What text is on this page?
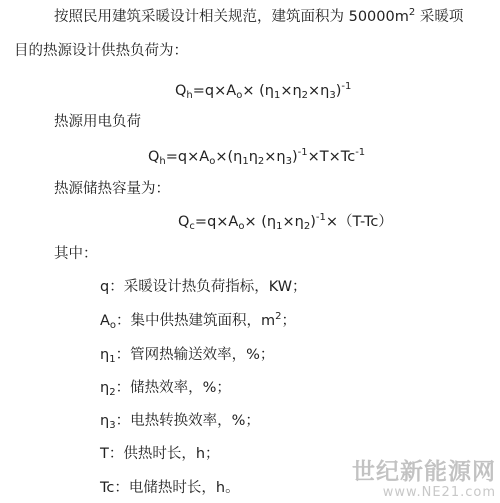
按照民用建筑采暖设计相关规范，建筑面积为 $50000m^2$ 采暖项
目的热源设计供热负荷为：
$Q_h=q\times A_o\times (\eta_1\times\eta_2\times\eta_3)^{-1}$
热源用电负荷
$Q_h=q\times A_o\times(\eta_1\eta_2\times\eta_3)^{-1}\times T\times Tc^{-1}$
热源储热容量为：
$Q_c=q\times A_o\times (\eta_1\times\eta_2)^{-1}\times(T-Tc)$
其中：
q：采暖设计热负荷指标，KW；
$A_o$：集中供热建筑面积，$m^2$；
$\eta_1$：管网热输送效率，%；
$\eta_2$：储热效率，%；
$\eta_3$：电热转换效率，%；
T：供热时长，h；
Tc：电储热时长，h。
世纪新能源网
www.NE21.com
